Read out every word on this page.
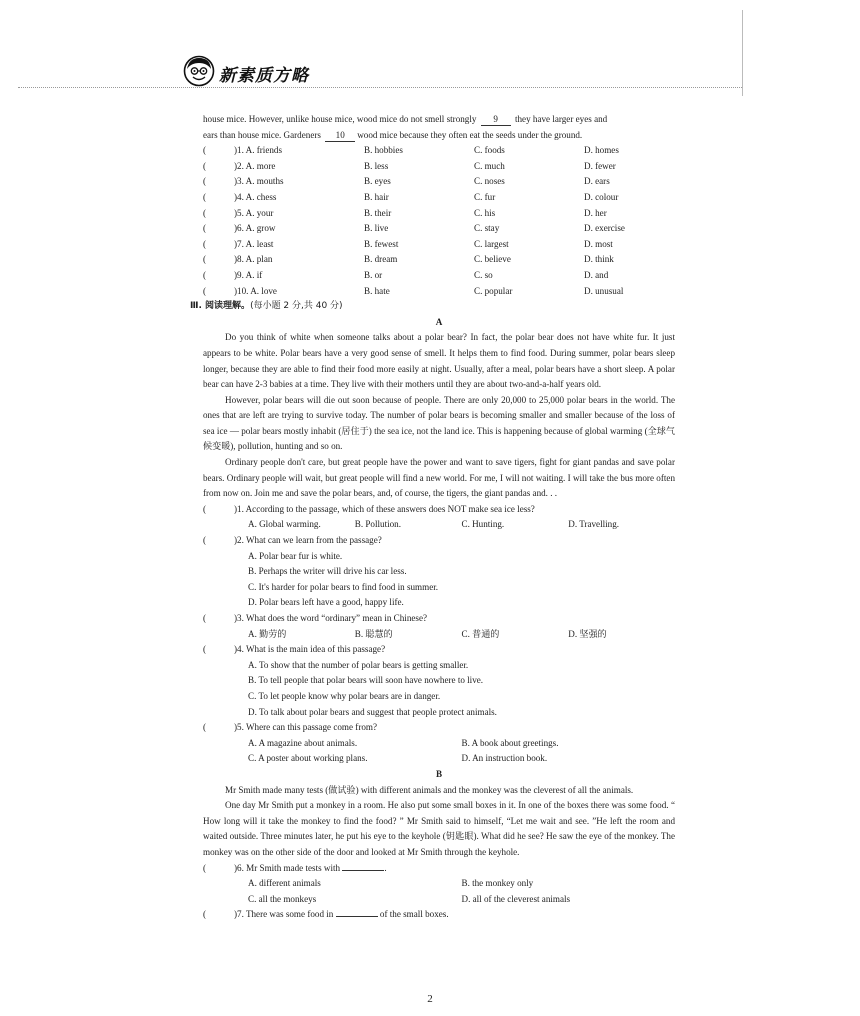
新素质方略

house mice. However, unlike house mice, wood mice do not smell strongly 9 they have larger eyes and

ears than house mice. Gardeners 10 wood mice because they often eat the seeds under the ground.

(	)1. A. friends	B. hobbies	C. foods	D. homes
(	)2. A. more	B. less	C. much	D. fewer
(	)3. A. mouths	B. eyes	C. noses	D. ears
(	)4. A. chess	B. hair	C. fur	D. colour
(	)5. A. your	B. their	C. his	D. her
(	)6. A. grow	B. live	C. stay	D. exercise
(	)7. A. least	B. fewest	C. largest	D. most
(	)8. A. plan	B. dream	C. believe	D. think
(	)9. A. if	B. or	C. so	D. and
(	)10. A. love	B. hate	C. popular	D. unusual
Ⅲ. 阅读理解。(每小题 2 分,共 40 分)
A

Do you think of white when someone talks about a polar bear? In fact, the polar bear does not have white fur. It just appears to be white. Polar bears have a very good sense of smell. It helps them to find food. During summer, polar bears sleep longer, because they are able to find their food more easily at night. Usually, after a meal, polar bears have a short sleep. A polar bear can have 2-3 babies at a time. They live with their mothers until they are about two-and-a-half years old.

However, polar bears will die out soon because of people. There are only 20,000 to 25,000 polar bears in the world. The ones that are left are trying to survive today. The number of polar bears is becoming smaller and smaller because of the loss of sea ice — polar bears mostly inhabit (居住于) the sea ice, not the land ice. This is happening because of global warming (全球气候变暖), pollution, hunting and so on.

Ordinary people don't care, but great people have the power and want to save tigers, fight for giant pandas and save polar bears. Ordinary people will wait, but great people will find a new world. For me, I will not waiting. I will take the bus more often from now on. Join me and save the polar bears, and, of course, the tigers, the giant pandas and. . .

(	)1. According to the passage, which of these answers does NOT make sea ice less?
A. Global warming.	B. Pollution.	C. Hunting.	D. Travelling.
(	)2. What can we learn from the passage?
A. Polar bear fur is white.
B. Perhaps the writer will drive his car less.
C. It's harder for polar bears to find food in summer.
D. Polar bears left have a good, happy life.
(	)3. What does the word “ordinary” mean in Chinese?
A. 勤劳的	B. 聪慧的	C. 普通的	D. 坚强的
(	)4. What is the main idea of this passage?
A. To show that the number of polar bears is getting smaller.
B. To tell people that polar bears will soon have nowhere to live.
C. To let people know why polar bears are in danger.
D. To talk about polar bears and suggest that people protect animals.
(	)5. Where can this passage come from?
A. A magazine about animals.	B. A book about greetings.
C. A poster about working plans.	D. An instruction book.
B

Mr Smith made many tests (做试验) with different animals and the monkey was the cleverest of all the animals.

One day Mr Smith put a monkey in a room. He also put some small boxes in it. In one of the boxes there was some food. “ How long will it take the monkey to find the food? ” Mr Smith said to himself, “Let me wait and see. ”He left the room and waited outside. Three minutes later, he put his eye to the keyhole (钥匙眼). What did he see? He saw the eye of the monkey. The monkey was on the other side of the door and looked at Mr Smith through the keyhole.

(	)6. Mr Smith made tests with	.
A. different animals	B. the monkey only
C. all the monkeys	D. all of the cleverest animals
(	)7. There was some food in	of the small boxes.
2
